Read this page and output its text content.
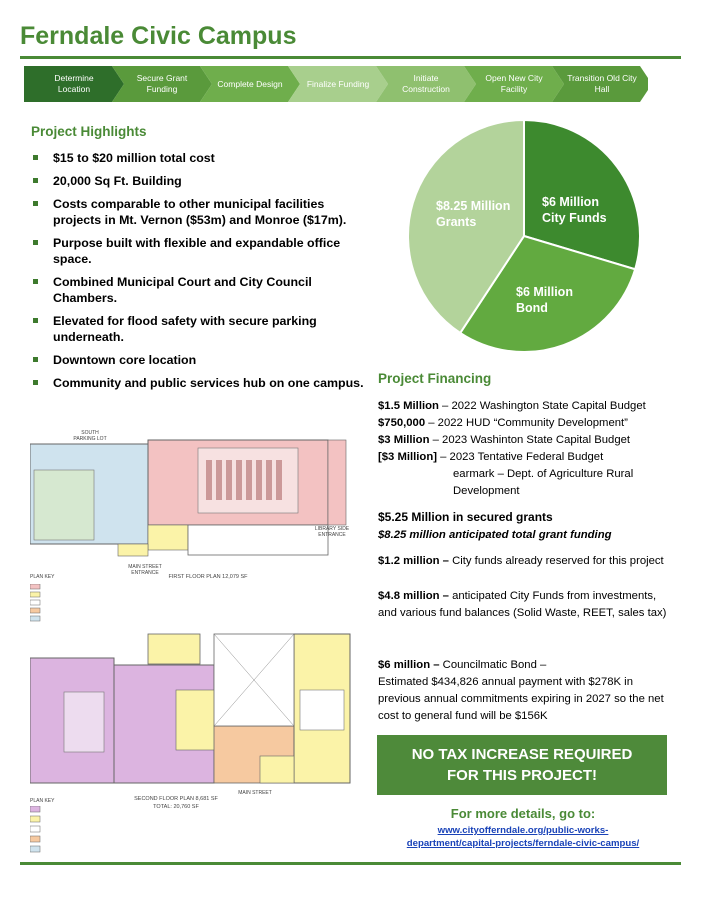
Ferndale Civic Campus
Determine Location
Secure Grant Funding
Complete Design	Finalize Funding
Initiate Construction
Open New City Facility
Transition Old City Hall
Project Highlights
$15 to $20 million total cost
20,000 Sq Ft. Building
Costs comparable to other municipal facilities projects in Mt. Vernon ($53m) and Monroe ($17m).
Purpose built with flexible and expandable office space.
Combined Municipal Court and City Council Chambers.
Elevated for flood safety with secure parking underneath.
Downtown core location
Community and public services hub on one campus.
$6 Million City Funds
$6 Million Bond
$8.25 Million Grants
SOUTH PARKING LOT
MAIN STREET ENTRANCE
LIBRARY SIDE ENTRANCE
FIRST FLOOR PLAN 12,079 SF
PLAN KEY
MAIN STREET
SECOND FLOOR PLAN 8,681 SF
TOTAL: 20,760 SF
PLAN KEY
Project Financing
$1.5 Million – 2022 Washington State Capital Budget
$750,000 – 2022 HUD “Community Development”
$3 Million – 2023 Washinton State Capital Budget
[$3 Million] – 2023 Tentative Federal Budget
earmark – Dept. of Agriculture Rural Development
$5.25 Million in secured grants
$8.25 million anticipated total grant funding
$1.2 million – City funds already reserved for this project
$4.8 million – anticipated City Funds from investments, and various fund balances (Solid Waste, REET, sales tax)
$6 million – Councilmatic Bond –
Estimated $434,826 annual payment with $278K in previous annual commitments expiring in 2027 so the net cost to general fund will be $156K
NO TAX INCREASE REQUIRED
FOR THIS PROJECT!
For more details, go to:
www.cityofferndale.org/public-works-
department/capital-projects/ferndale-civic-campus/
